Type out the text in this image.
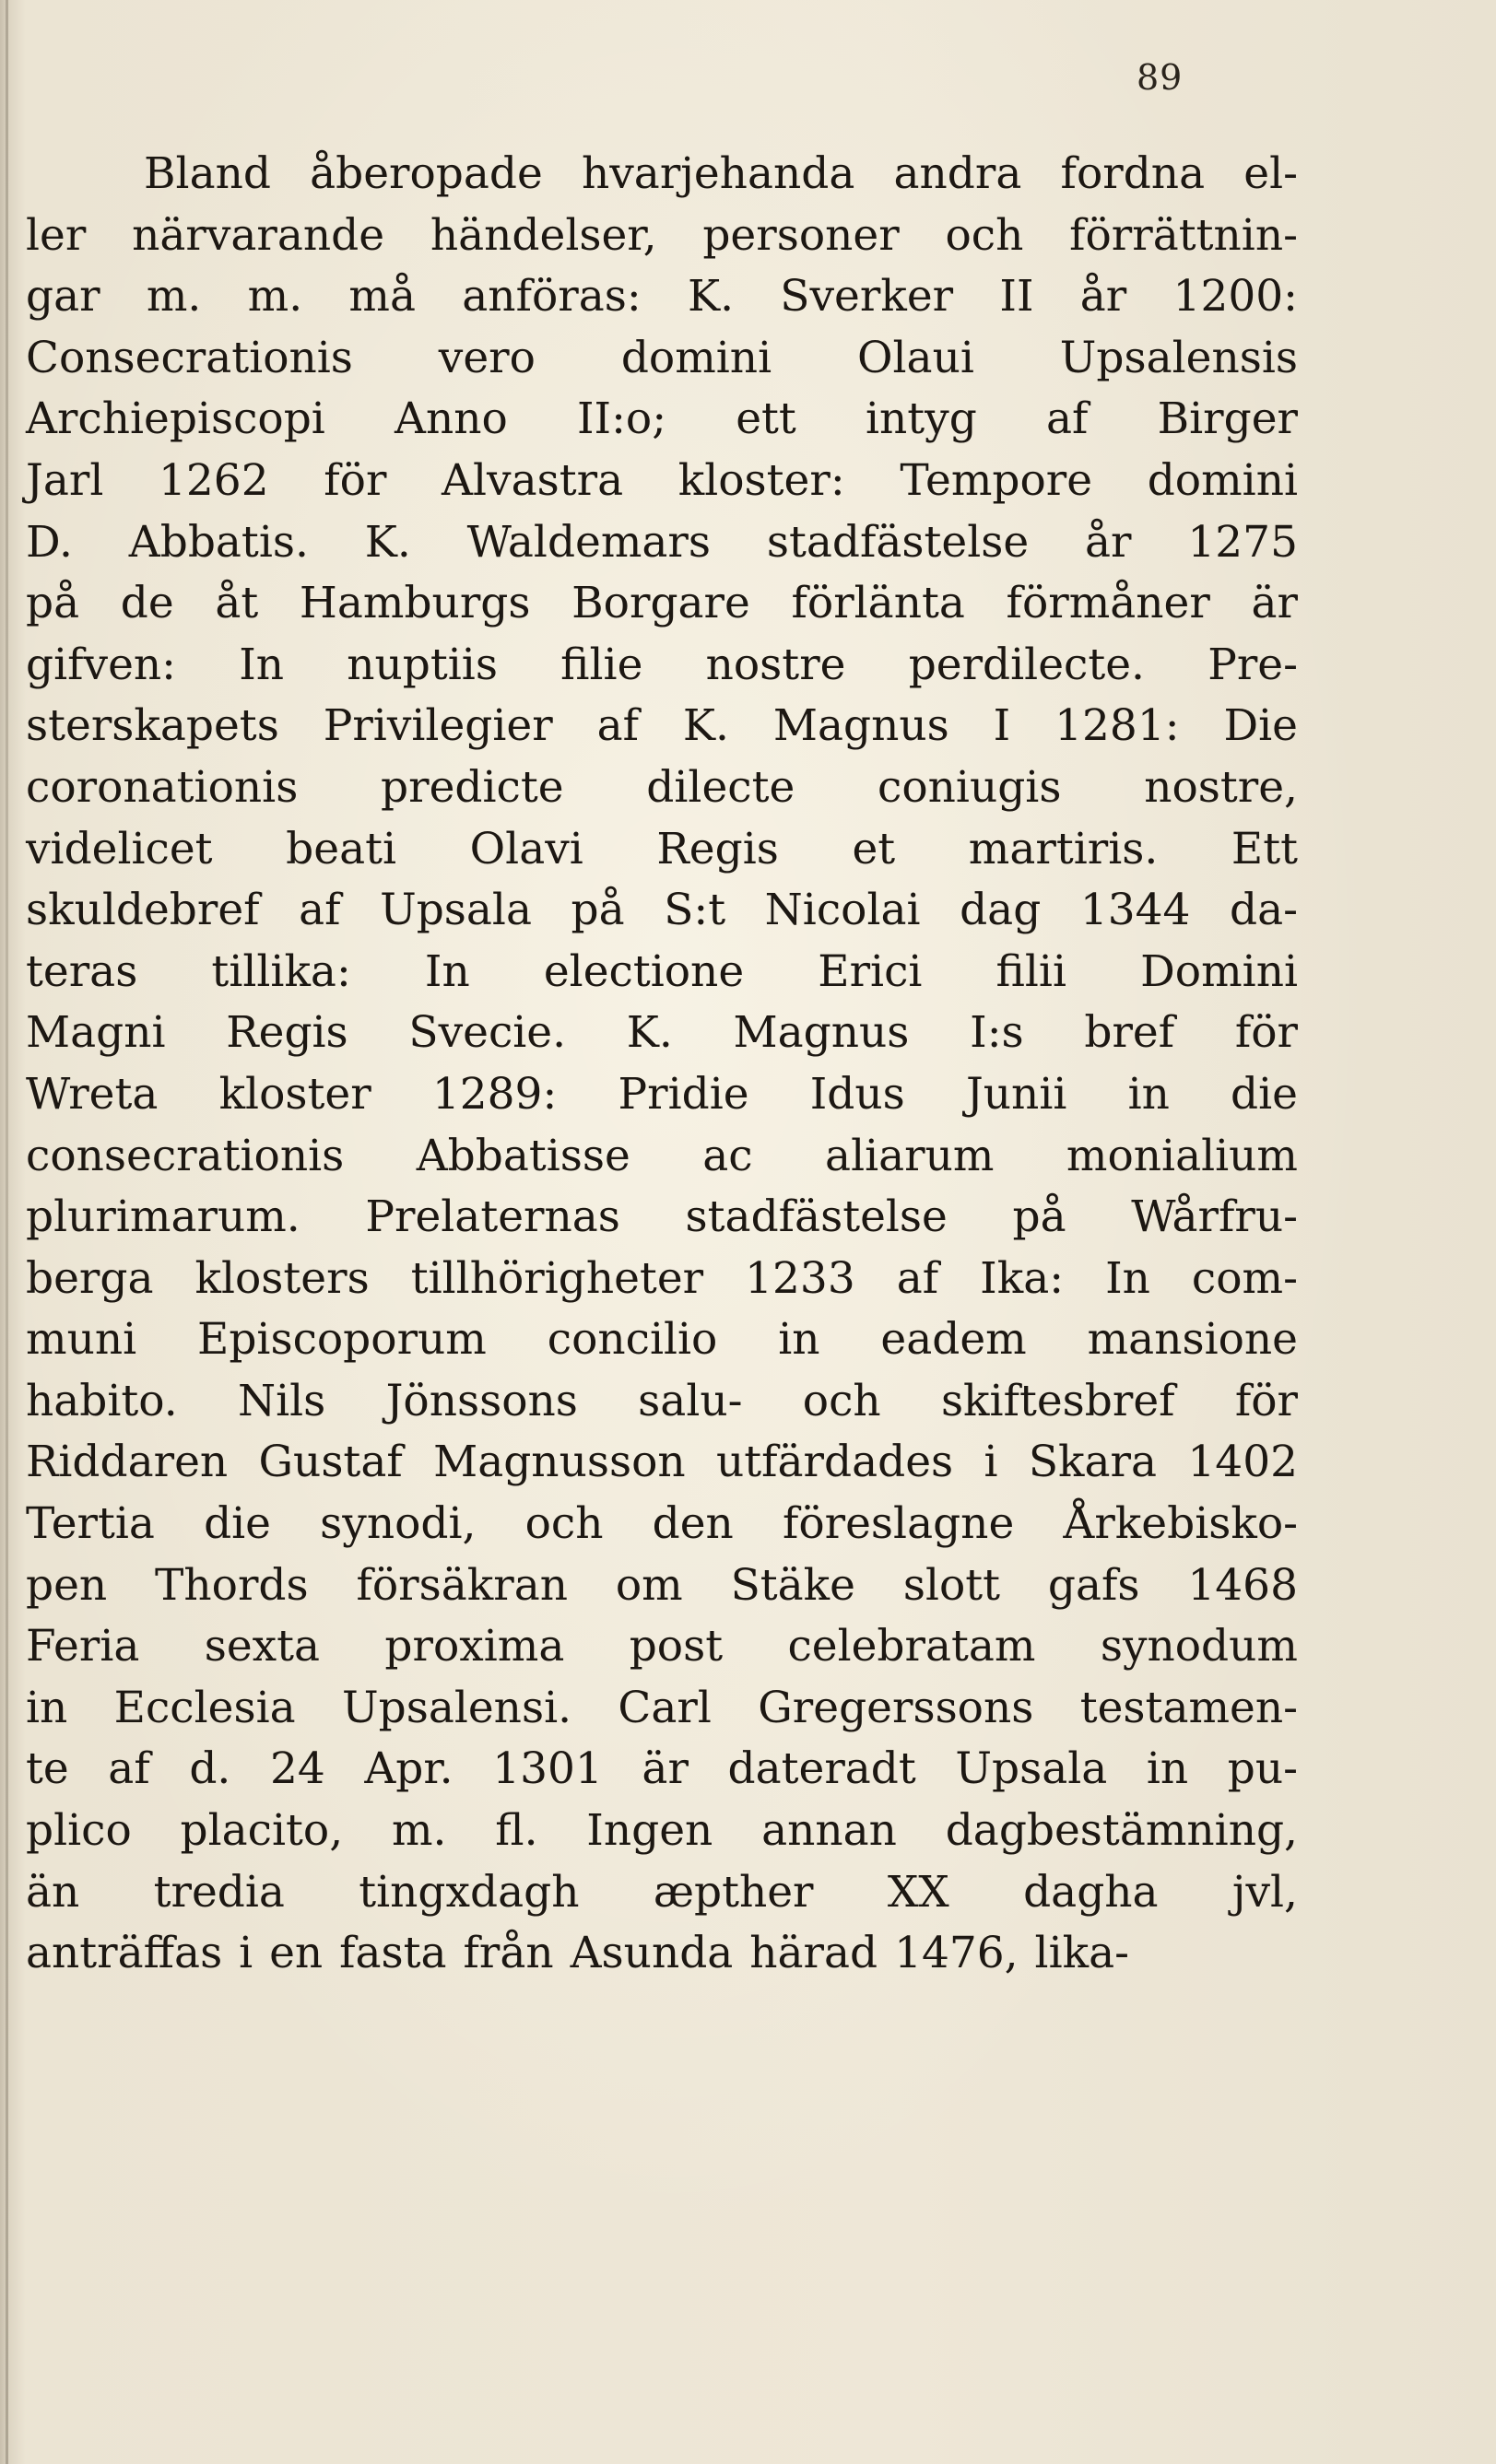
89
Bland åberopade hvarjehanda andra fordna el-
ler närvarande händelser, personer och förrättnin-
gar m. m. må anföras: K. Sverker II år 1200:
Consecrationis vero domini Olaui Upsalensis
Archiepiscopi Anno II:o; ett intyg af Birger
Jarl 1262 för Alvastra kloster: Tempore domini
D. Abbatis. K. Waldemars stadfästelse år 1275
på de åt Hamburgs Borgare förlänta förmåner är
gifven: In nuptiis filie nostre perdilecte. Pre-
sterskapets Privilegier af K. Magnus I 1281: Die
coronationis predicte dilecte coniugis nostre,
videlicet beati Olavi Regis et martiris. Ett
skuldebref af Upsala på S:t Nicolai dag 1344 da-
teras tillika: In electione Erici filii Domini
Magni Regis Svecie. K. Magnus I:s bref för
Wreta kloster 1289: Pridie Idus Junii in die
consecrationis Abbatisse ac aliarum monialium
plurimarum. Prelaternas stadfästelse på Wårfru-
berga klosters tillhörigheter 1233 af Ika: In com-
muni Episcoporum concilio in eadem mansione
habito. Nils Jönssons salu- och skiftesbref för
Riddaren Gustaf Magnusson utfärdades i Skara 1402
Tertia die synodi, och den föreslagne Årkebisko-
pen Thords försäkran om Stäke slott gafs 1468
Feria sexta proxima post celebratam synodum
in Ecclesia Upsalensi. Carl Gregerssons testamen-
te af d. 24 Apr. 1301 är dateradt Upsala in pu-
plico placito, m. fl. Ingen annan dagbestämning,
än tredia tingxdagh æpther XX dagha jvl,
anträffas i en fasta från Asunda härad 1476, lika-
